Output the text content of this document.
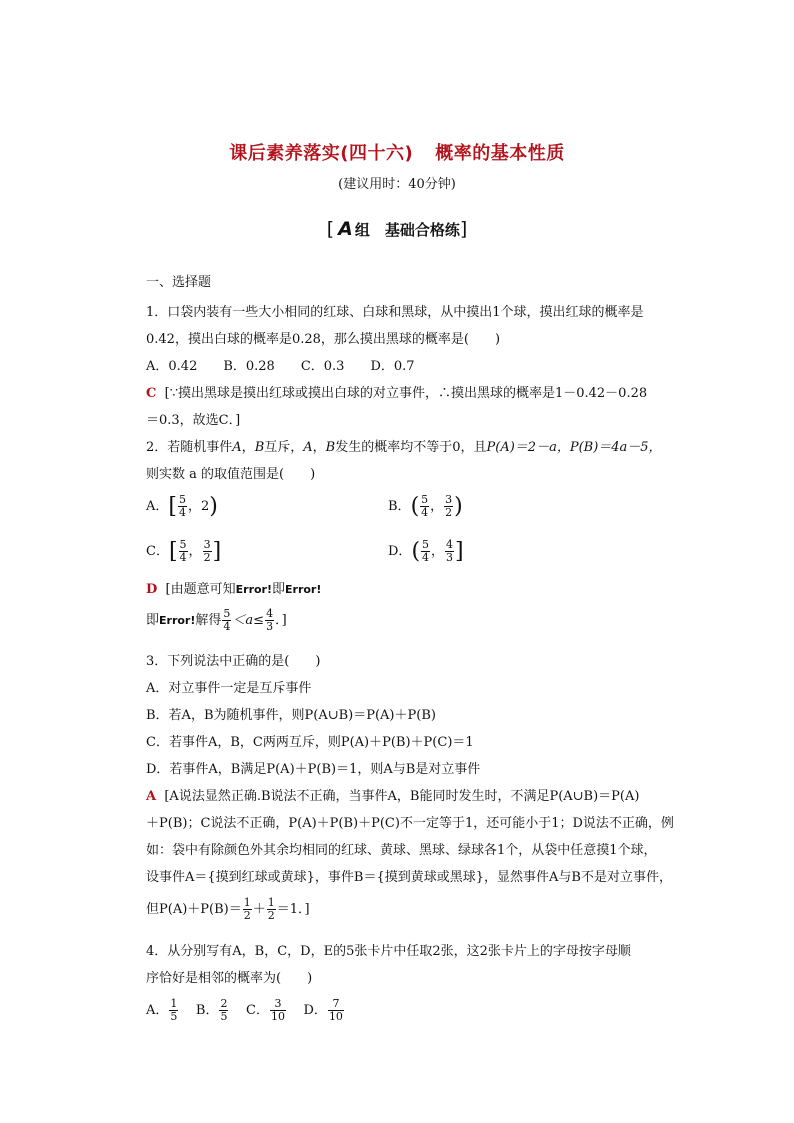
课后素养落实(四十六) 概率的基本性质
(建议用时：40分钟)
[ A 组　基础合格练]
一、选择题
1．口袋内装有一些大小相同的红球、白球和黑球，从中摸出1个球，摸出红球的概率是
0.42，摸出白球的概率是0.28，那么摸出黑球的概率是(　　)
A．0.42　　B．0.28　　C．0.3　　D．0.7
C [∵摸出黑球是摸出红球或摸出白球的对立事件，∴摸出黑球的概率是1－0.42－0.28
＝0.3，故选C．]
2．若随机事件A，B互斥，A，B发生的概率均不等于0，且P(A)＝2－a，P(B)＝4a－5，
则实数 a 的取值范围是(　　)
A．[ $\frac{5}{4}$ ，2)	B．( $\frac{5}{4}$ ， $\frac{3}{2}$ )
C．[ $\frac{5}{4}$ ， $\frac{3}{2}$ ]	D．( $\frac{5}{4}$ ， $\frac{4}{3}$ ]
D [由题意可知Error!即Error!
即Error!解得 $\frac{5}{4} <a\le \frac{4}{3}$ ．]
3．下列说法中正确的是(　　)
A．对立事件一定是互斥事件
B．若A，B为随机事件，则P(A∪B)＝P(A)＋P(B)
C．若事件A，B，C两两互斥，则P(A)＋P(B)＋P(C)＝1
D．若事件A，B满足P(A)＋P(B)＝1，则A与B是对立事件
A [A说法显然正确.B说法不正确，当事件A，B能同时发生时，不满足P(A∪B)＝P(A)
＋P(B)；C说法不正确，P(A)＋P(B)＋P(C)不一定等于1，还可能小于1；D说法不正确，例
如：袋中有除颜色外其余均相同的红球、黄球、黑球、绿球各1个，从袋中任意摸1个球，
设事件A＝{摸到红球或黄球}，事件B＝{摸到黄球或黑球}，显然事件A与B不是对立事件，
但$P(A)+P(B)= \frac{1}{2} + \frac{1}{2} =1$．]
4．从分别写有A，B，C，D，E的5张卡片中任取2张，这2张卡片上的字母按字母顺
序恰好是相邻的概率为(　　)
A． $\frac{1}{5}$ B． $\frac{2}{5}$ C． $\frac{3}{10}$ D． $\frac{7}{10}$
